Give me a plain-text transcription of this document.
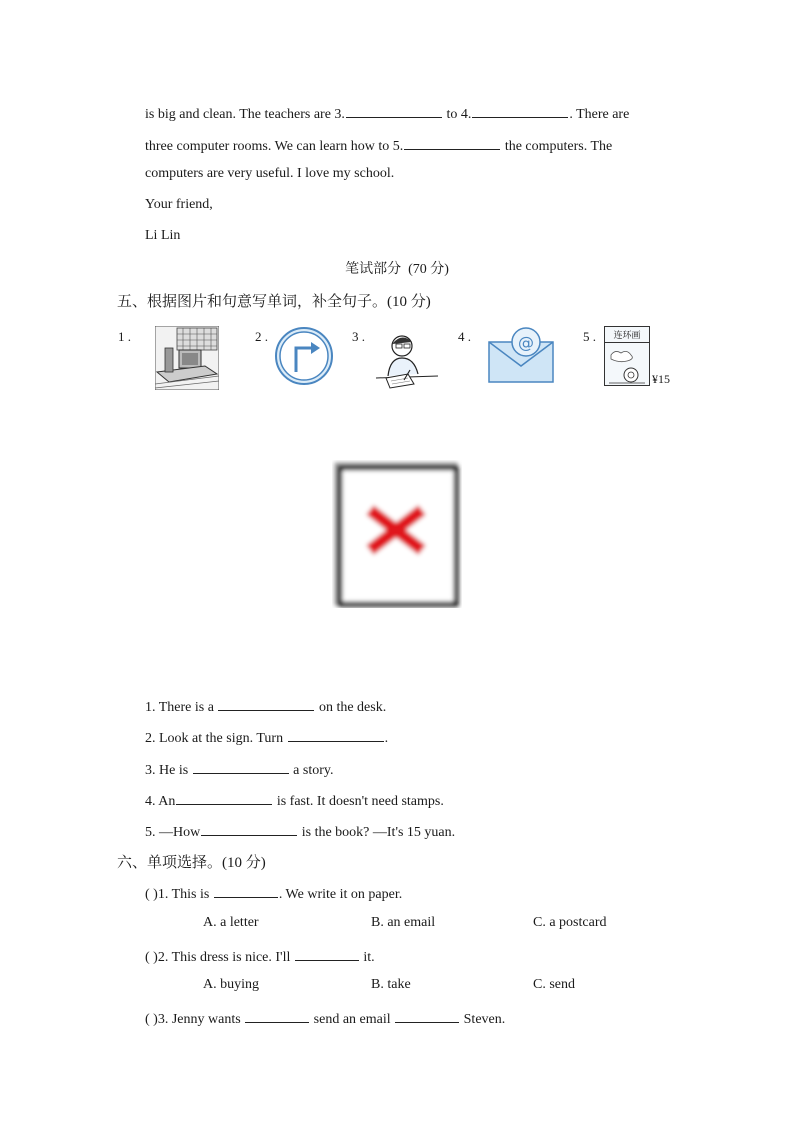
is big and clean. The teachers are 3.	to 4.	. There are
three computer rooms. We can learn how to 5.	the computers. The
computers are very useful. I love my school.
Your friend,
Li Lin
笔试部分 (70 分)
五、根据图片和句意写单词，补全句子。(10 分)
1 .	2 .	3 .	4 .	@	5 .	连环画
¥15
1. There is a	on the desk.
2. Look at the sign. Turn	.
3. He is	a story.
4. An	is fast. It doesn't need stamps.
5. —How	is the book? —It's 15 yuan.
六、单项选择。(10 分)
( )1. This is	. We write it on paper.
A. a letter	B. an email	C. a postcard
( )2. This dress is nice. I'll	it.
A. buying	B. take	C. send
( )3. Jenny wants	send an email	Steven.
